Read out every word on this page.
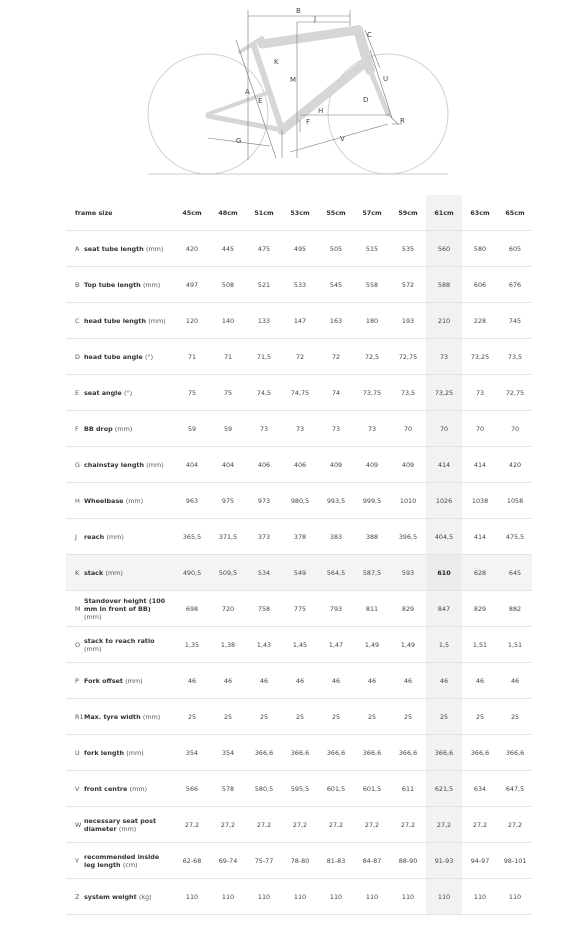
B
J
C
K
M	U
A
E	D
H
F	R
G	V
frame size		45cm	48cm	51cm	53cm	55cm	57cm	59cm	61cm	63cm	65cm
A	seat tube length (mm)	420	445	475	495	505	515	535	560	580	605
B	Top tube length (mm)	497	508	521	533	545	558	572	588	606	676
C	head tube length (mm)	120	140	133	147	163	180	193	210	228	745
D	head tube angle (°)	71	71	71,5	72	72	72,5	72,75	73	73,25	73,5
E	seat angle (°)	75	75	74,5	74,75	74	73,75	73,5	73,25	73	72,75
F	BB drop (mm)	59	59	73	73	73	73	70	70	70	70
G	chainstay length (mm)	404	404	406	406	409	409	409	414	414	420
H	Wheelbase (mm)	963	975	973	980,5	993,5	999,5	1010	1026	1038	1058
J	reach (mm)	365,5	371,5	373	378	383	388	396,5	404,5	414	475,5
K	stack (mm)	490,5	509,5	534	549	564,5	587,5	593	610	628	645
M	Standover height (100 mm in front of BB) (mm)	698	720	758	775	793	811	829	847	829	882
O	stack to reach ratio (mm)	1,35	1,38	1,43	1,45	1,47	1,49	1,49	1,5	1,51	1,51
P	Fork offset (mm)	46	46	46	46	46	46	46	46	46	46
R1	Max. tyre width (mm)	25	25	25	25	25	25	25	25	25	25
U	fork length (mm)	354	354	366,6	366,6	366,6	366,6	366,6	366,6	366,6	366,6
V	front centre (mm)	566	578	580,5	595,5	601,5	601,5	611	621,5	634	647,5
W	necessary seat post diameter (mm)	27,2	27,2	27,2	27,2	27,2	27,2	27,2	27,2	27,2	27,2
Y	recommended inside leg length (cm)	62-68	69-74	75-77	78-80	81-83	84-87	88-90	91-93	94-97	98-101
Z	system weight (kg)	110	110	110	110	110	110	110	110	110	110
